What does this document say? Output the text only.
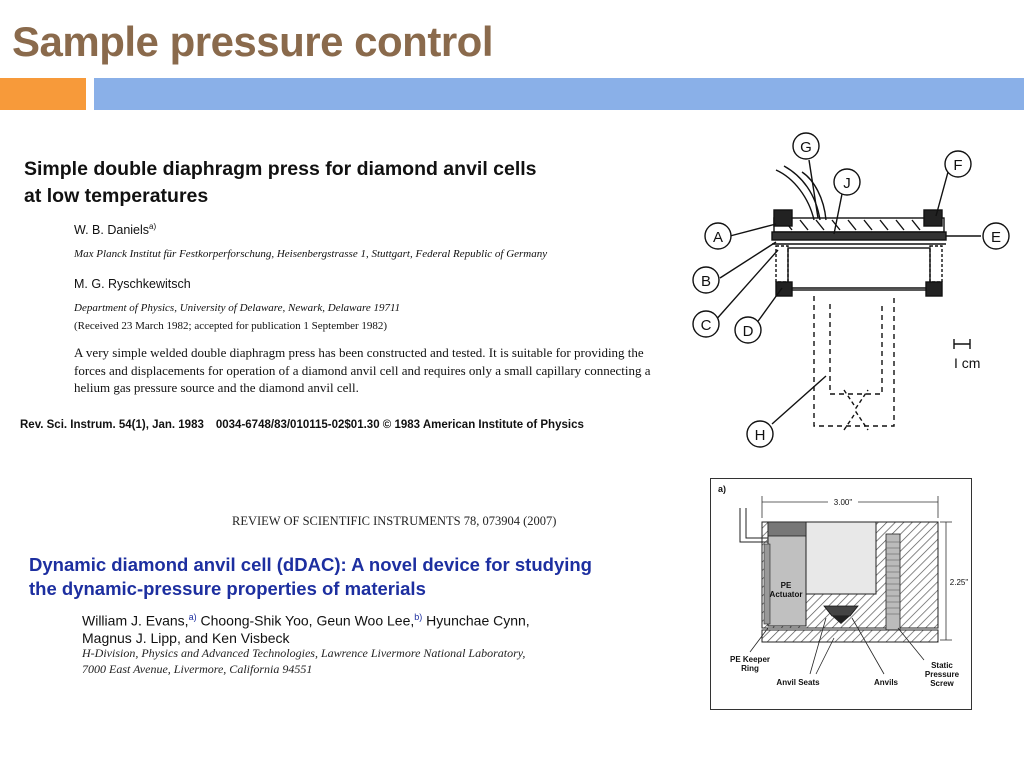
Sample pressure control
Simple double diaphragm press for diamond anvil cells
at low temperatures
W. B. Daniels$^{a)}$
Max Planck Institut für Festkorperforschung, Heisenbergstrasse 1, Stuttgart, Federal Republic of Germany
M. G. Ryschkewitsch
Department of Physics, University of Delaware, Newark, Delaware 19711
(Received 23 March 1982; accepted for publication 1 September 1982)
A very simple welded double diaphragm press has been constructed and tested. It is suitable for providing the forces and displacements for operation of a diamond anvil cell and requires only a small capillary connecting a helium gas pressure source and the diamond anvil cell.
Rev. Sci. Instrum. 54(1), Jan. 1983 0034-6748/83/010115-02$01.30 © 1983 American Institute of Physics
G
F
J
A	E
B
C D
H
I cm
REVIEW OF SCIENTIFIC INSTRUMENTS 78, 073904 (2007)
Dynamic diamond anvil cell (dDAC): A novel device for studying
the dynamic-pressure properties of materials
William J. Evans,$^{a)}$ Choong-Shik Yoo, Geun Woo Lee,$^{b)}$ Hyunchae Cynn,
Magnus J. Lipp, and Ken Visbeck
H-Division, Physics and Advanced Technologies, Lawrence Livermore National Laboratory,
7000 East Avenue, Livermore, California 94551
a)
3.00"
2.25"
PE
Actuator
PE Keeper
Ring
Anvil Seats	Anvils
Static
Pressure
Screw
